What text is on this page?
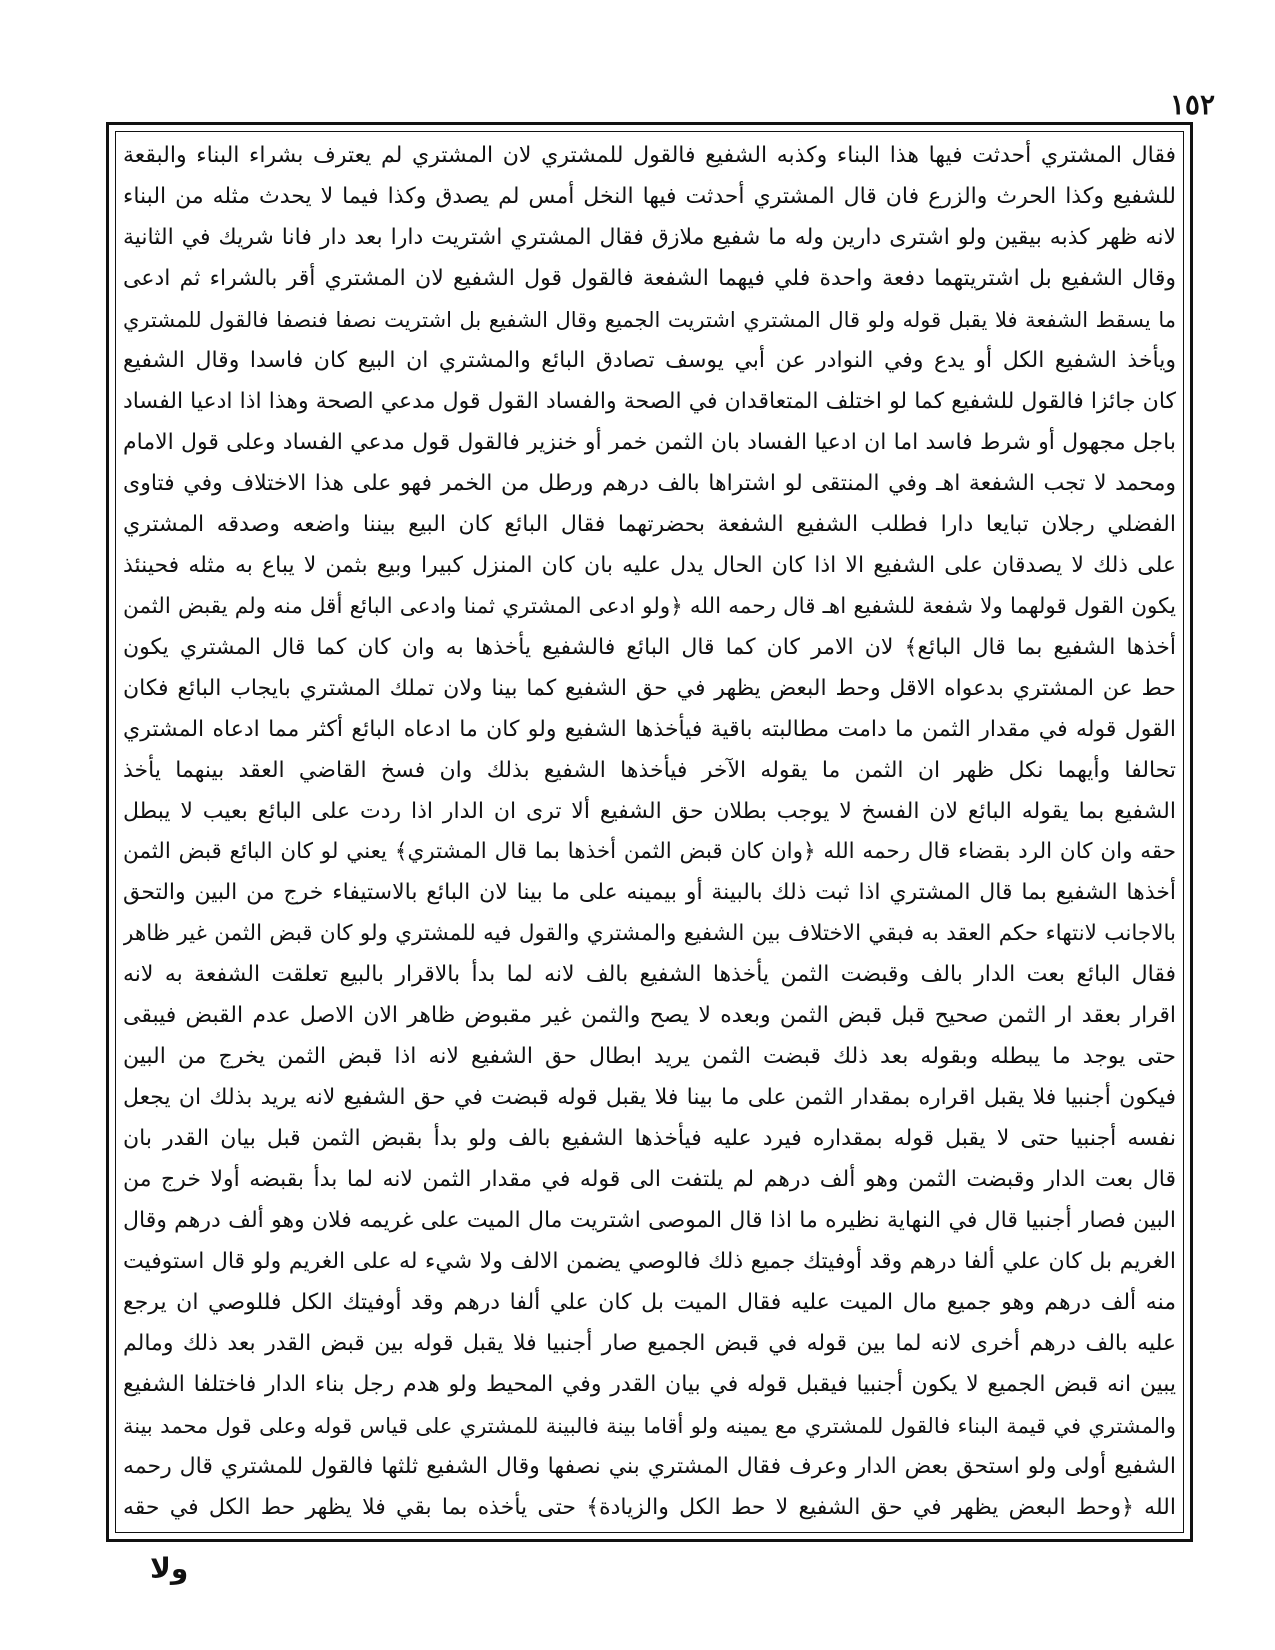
١٥٢
فقال المشتري أحدثت فيها هذا البناء وكذبه الشفيع فالقول للمشتري لان المشتري لم يعترف بشراء البناء والبقعة
للشفيع وكذا الحرث والزرع فان قال المشتري أحدثت فيها النخل أمس لم يصدق وكذا فيما لا يحدث مثله من البناء
لانه ظهر كذبه بيقين ولو اشترى دارين وله ما شفيع ملازق فقال المشتري اشتريت دارا بعد دار فانا شريك في الثانية
وقال الشفيع بل اشتريتهما دفعة واحدة فلي فيهما الشفعة فالقول قول الشفيع لان المشتري أقر بالشراء ثم ادعى
ما يسقط الشفعة فلا يقبل قوله ولو قال المشتري اشتريت الجميع وقال الشفيع بل اشتريت نصفا فنصفا فالقول للمشتري
ويأخذ الشفيع الكل أو يدع وفي النوادر عن أبي يوسف تصادق البائع والمشتري ان البيع كان فاسدا وقال الشفيع
كان جائزا فالقول للشفيع كما لو اختلف المتعاقدان في الصحة والفساد القول قول مدعي الصحة وهذا اذا ادعيا الفساد
باجل مجهول أو شرط فاسد اما ان ادعيا الفساد بان الثمن خمر أو خنزير فالقول قول مدعي الفساد وعلى قول الامام
ومحمد لا تجب الشفعة اهـ وفي المنتقى لو اشتراها بالف درهم ورطل من الخمر فهو على هذا الاختلاف وفي فتاوى
الفضلي رجلان تبايعا دارا فطلب الشفيع الشفعة بحضرتهما فقال البائع كان البيع بيننا واضعه وصدقه المشتري
على ذلك لا يصدقان على الشفيع الا اذا كان الحال يدل عليه بان كان المنزل كبيرا وبيع بثمن لا يباع به مثله فحينئذ
يكون القول قولهما ولا شفعة للشفيع اهـ قال رحمه الله ﴿ولو ادعى المشتري ثمنا وادعى البائع أقل منه ولم يقبض الثمن
أخذها الشفيع بما قال البائع﴾ لان الامر كان كما قال البائع فالشفيع يأخذها به وان كان كما قال المشتري يكون
حط عن المشتري بدعواه الاقل وحط البعض يظهر في حق الشفيع كما بينا ولان تملك المشتري بايجاب البائع فكان
القول قوله في مقدار الثمن ما دامت مطالبته باقية فيأخذها الشفيع ولو كان ما ادعاه البائع أكثر مما ادعاه المشتري
تحالفا وأيهما نكل ظهر ان الثمن ما يقوله الآخر فيأخذها الشفيع بذلك وان فسخ القاضي العقد بينهما يأخذ
الشفيع بما يقوله البائع لان الفسخ لا يوجب بطلان حق الشفيع ألا ترى ان الدار اذا ردت على البائع بعيب لا يبطل
حقه وان كان الرد بقضاء قال رحمه الله ﴿وان كان قبض الثمن أخذها بما قال المشتري﴾ يعني لو كان البائع قبض الثمن
أخذها الشفيع بما قال المشتري اذا ثبت ذلك بالبينة أو بيمينه على ما بينا لان البائع بالاستيفاء خرج من البين والتحق
بالاجانب لانتهاء حكم العقد به فبقي الاختلاف بين الشفيع والمشتري والقول فيه للمشتري ولو كان قبض الثمن غير ظاهر
فقال البائع بعت الدار بالف وقبضت الثمن يأخذها الشفيع بالف لانه لما بدأ بالاقرار بالبيع تعلقت الشفعة به لانه
اقرار بعقد ار الثمن صحيح قبل قبض الثمن وبعده لا يصح والثمن غير مقبوض ظاهر الان الاصل عدم القبض فيبقى
حتى يوجد ما يبطله وبقوله بعد ذلك قبضت الثمن يريد ابطال حق الشفيع لانه اذا قبض الثمن يخرج من البين
فيكون أجنبيا فلا يقبل اقراره بمقدار الثمن على ما بينا فلا يقبل قوله قبضت في حق الشفيع لانه يريد بذلك ان يجعل
نفسه أجنبيا حتى لا يقبل قوله بمقداره فيرد عليه فيأخذها الشفيع بالف ولو بدأ بقبض الثمن قبل بيان القدر بان
قال بعت الدار وقبضت الثمن وهو ألف درهم لم يلتفت الى قوله في مقدار الثمن لانه لما بدأ بقبضه أولا خرج من
البين فصار أجنبيا قال في النهاية نظيره ما اذا قال الموصى اشتريت مال الميت على غريمه فلان وهو ألف درهم وقال
الغريم بل كان علي ألفا درهم وقد أوفيتك جميع ذلك فالوصي يضمن الالف ولا شيء له على الغريم ولو قال استوفيت
منه ألف درهم وهو جميع مال الميت عليه فقال الميت بل كان علي ألفا درهم وقد أوفيتك الكل فللوصي ان يرجع
عليه بالف درهم أخرى لانه لما بين قوله في قبض الجميع صار أجنبيا فلا يقبل قوله بين قبض القدر بعد ذلك ومالم
يبين انه قبض الجميع لا يكون أجنبيا فيقبل قوله في بيان القدر وفي المحيط ولو هدم رجل بناء الدار فاختلفا الشفيع
والمشتري في قيمة البناء فالقول للمشتري مع يمينه ولو أقاما بينة فالبينة للمشتري على قياس قوله وعلى قول محمد بينة
الشفيع أولى ولو استحق بعض الدار وعرف فقال المشتري بني نصفها وقال الشفيع ثلثها فالقول للمشتري قال رحمه
الله ﴿وحط البعض يظهر في حق الشفيع لا حط الكل والزيادة﴾ حتى يأخذه بما بقي فلا يظهر حط الكل في حقه
ولا
